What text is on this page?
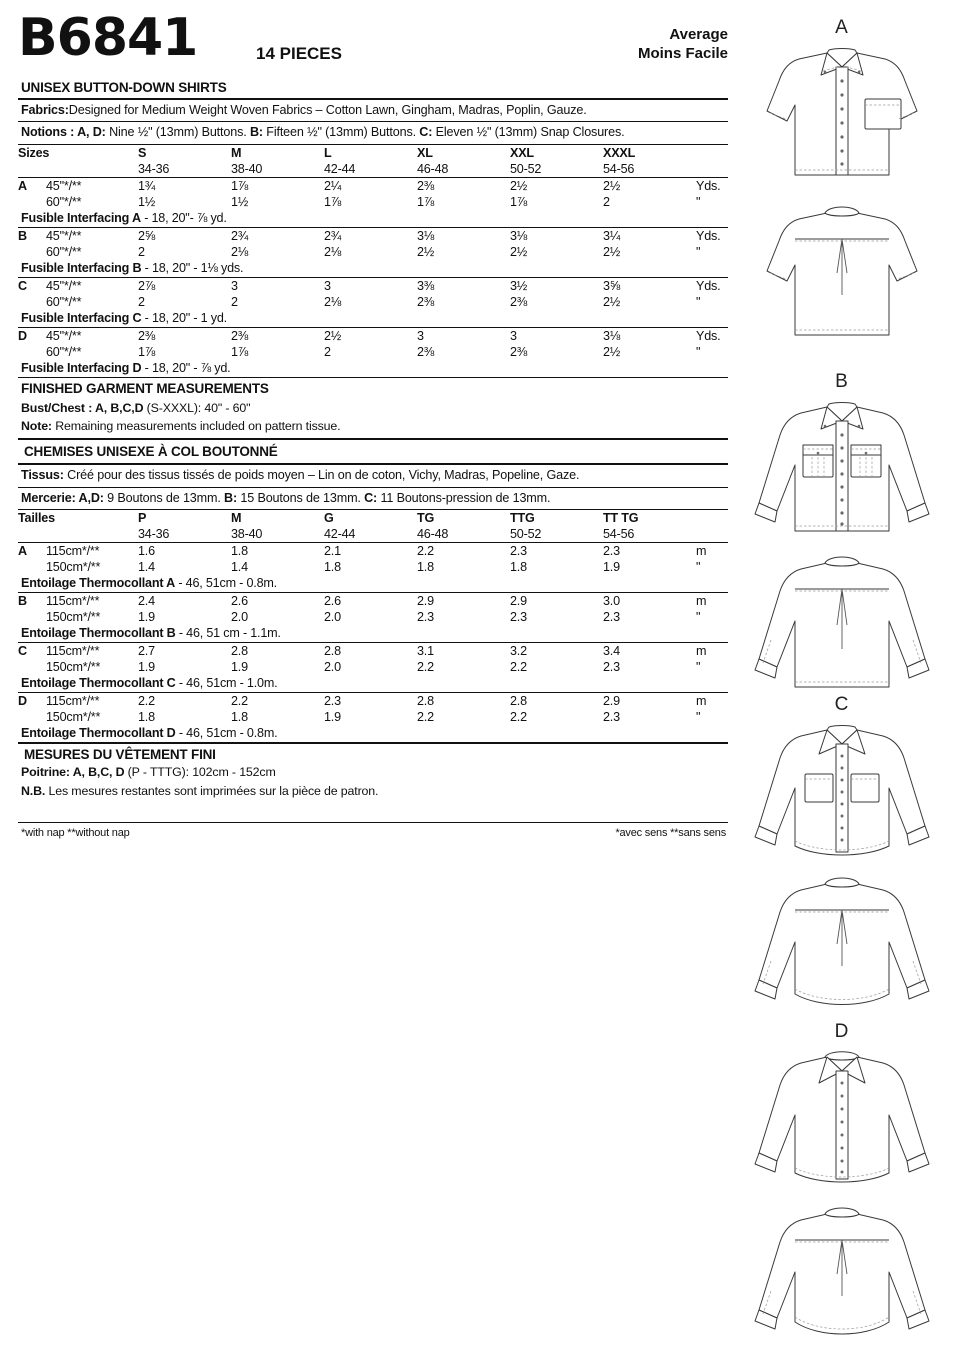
B6841	14 PIECES
Average
Moins Facile
UNISEX BUTTON-DOWN SHIRTS
Fabrics:Designed for Medium Weight Woven Fabrics – Cotton Lawn, Gingham, Madras, Poplin, Gauze.
Notions : A, D: Nine ½" (13mm) Buttons. B: Fifteen ½" (13mm) Buttons. C: Eleven ½" (13mm) Snap Closures.
Sizes	S	M	L	XL	XXL	XXXL	
	34-36	38-40	42-44	46-48	50-52	54-56	
A	45"*/**	1¾	1⅞	2¼	2⅜	2½	2½	Yds.
	60"*/**	1½	1½	1⅞	1⅞	1⅞	2	"
Fusible Interfacing A - 18, 20"- ⅞ yd.
B	45"*/**	2⅝	2¾	2¾	3⅛	3⅛	3¼	Yds.
	60"*/**	2	2⅛	2⅛	2½	2½	2½	"
Fusible Interfacing B - 18, 20" - 1⅛ yds.
C	45"*/**	2⅞	3	3	3⅜	3½	3⅝	Yds.
	60"*/**	2	2	2⅛	2⅜	2⅜	2½	"
Fusible Interfacing C - 18, 20" - 1 yd.
D	45"*/**	2⅜	2⅜	2½	3	3	3⅛	Yds.
	60"*/**	1⅞	1⅞	2	2⅜	2⅜	2½	"
Fusible Interfacing D - 18, 20" - ⅞ yd.
FINISHED GARMENT MEASUREMENTS
Bust/Chest : A, B,C,D (S-XXXL): 40" - 60"
Note: Remaining measurements included on pattern tissue.
CHEMISES UNISEXE À COL BOUTONNÉ
Tissus: Créé pour des tissus tissés de poids moyen – Lin on de coton, Vichy, Madras, Popeline, Gaze.
Mercerie: A,D: 9 Boutons de 13mm. B: 15 Boutons de 13mm. C: 11 Boutons-pression de 13mm.
Tailles	P	M	G	TG	TTG	TT TG	
	34-36	38-40	42-44	46-48	50-52	54-56	
A	115cm*/**	1.6	1.8	2.1	2.2	2.3	2.3	m
	150cm*/**	1.4	1.4	1.8	1.8	1.8	1.9	"
Entoilage Thermocollant A - 46, 51cm - 0.8m.
B	115cm*/**	2.4	2.6	2.6	2.9	2.9	3.0	m
	150cm*/**	1.9	2.0	2.0	2.3	2.3	2.3	"
Entoilage Thermocollant B - 46, 51 cm - 1.1m.
C	115cm*/**	2.7	2.8	2.8	3.1	3.2	3.4	m
	150cm*/**	1.9	1.9	2.0	2.2	2.2	2.3	"
Entoilage Thermocollant C - 46, 51cm - 1.0m.
D	115cm*/**	2.2	2.2	2.3	2.8	2.8	2.9	m
	150cm*/**	1.8	1.8	1.9	2.2	2.2	2.3	"
Entoilage Thermocollant D - 46, 51cm - 0.8m.
MESURES DU VÊTEMENT FINI
Poitrine: A, B,C, D (P - TTTG): 102cm - 152cm
N.B. Les mesures restantes sont imprimées sur la pièce de patron.
*with nap **without nap	*avec sens **sans sens
A
B
C
D
